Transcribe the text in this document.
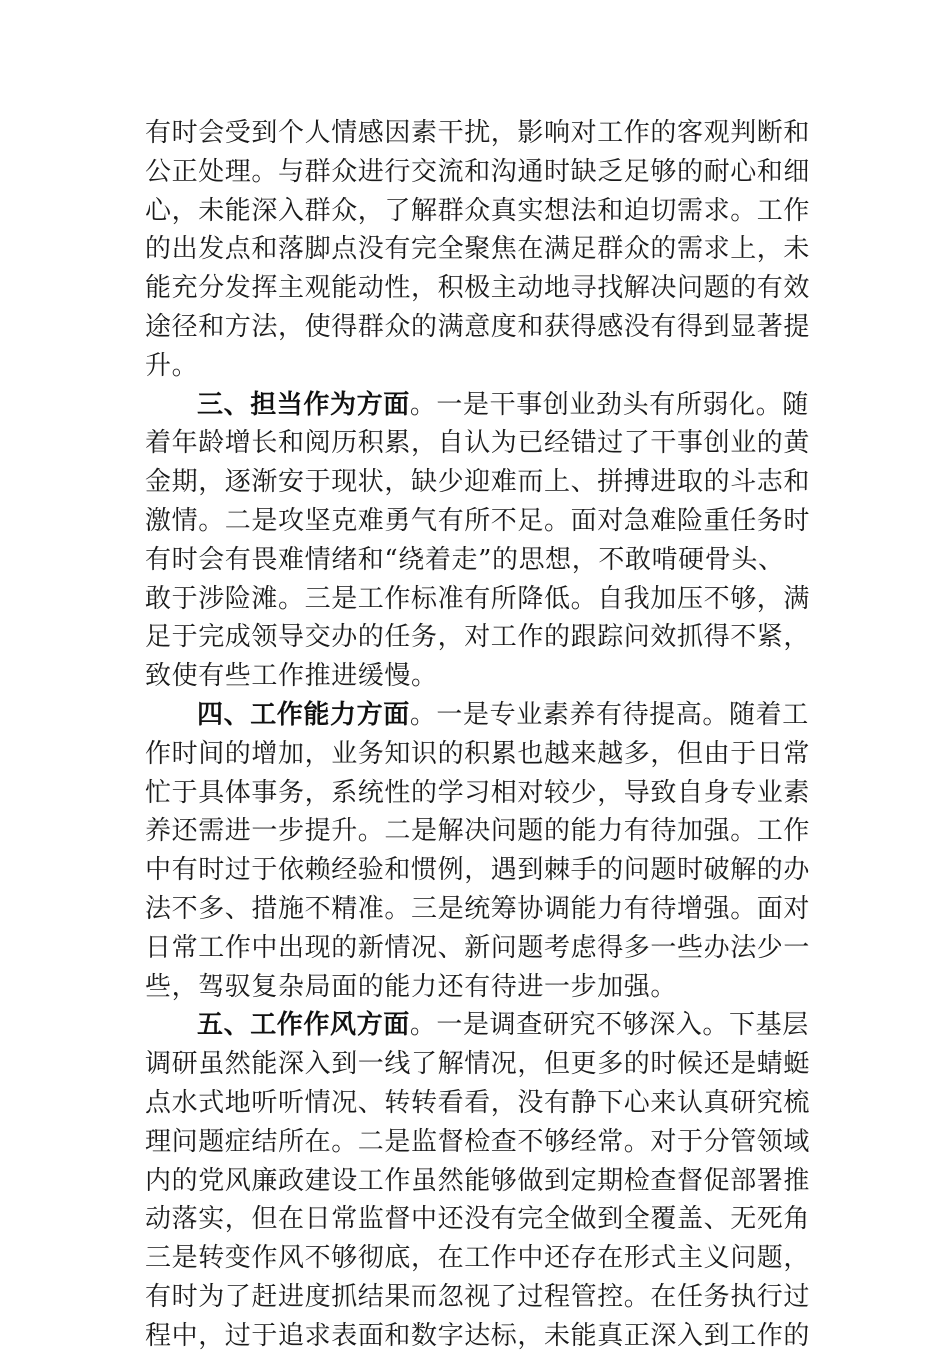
有时会受到个人情感因素干扰，影响对工作的客观判断和
公正处理。与群众进行交流和沟通时缺乏足够的耐心和细
心，未能深入群众，了解群众真实想法和迫切需求。工作
的出发点和落脚点没有完全聚焦在满足群众的需求上，未
能充分发挥主观能动性，积极主动地寻找解决问题的有效
途径和方法，使得群众的满意度和获得感没有得到显著提
升。
三、担当作为方面。一是干事创业劲头有所弱化。随
着年龄增长和阅历积累，自认为已经错过了干事创业的黄
金期，逐渐安于现状，缺少迎难而上、拼搏进取的斗志和
激情。二是攻坚克难勇气有所不足。面对急难险重任务时
有时会有畏难情绪和“绕着走”的思想，不敢啃硬骨头、
敢于涉险滩。三是工作标准有所降低。自我加压不够，满
足于完成领导交办的任务，对工作的跟踪问效抓得不紧，
致使有些工作推进缓慢。
四、工作能力方面。一是专业素养有待提高。随着工
作时间的增加，业务知识的积累也越来越多，但由于日常
忙于具体事务，系统性的学习相对较少，导致自身专业素
养还需进一步提升。二是解决问题的能力有待加强。工作
中有时过于依赖经验和惯例，遇到棘手的问题时破解的办
法不多、措施不精准。三是统筹协调能力有待增强。面对
日常工作中出现的新情况、新问题考虑得多一些办法少一
些，驾驭复杂局面的能力还有待进一步加强。
五、工作作风方面。一是调查研究不够深入。下基层
调研虽然能深入到一线了解情况，但更多的时候还是蜻蜓
点水式地听听情况、转转看看，没有静下心来认真研究梳
理问题症结所在。二是监督检查不够经常。对于分管领域
内的党风廉政建设工作虽然能够做到定期检查督促部署推
动落实，但在日常监督中还没有完全做到全覆盖、无死角
三是转变作风不够彻底，在工作中还存在形式主义问题，
有时为了赶进度抓结果而忽视了过程管控。在任务执行过
程中，过于追求表面和数字达标，未能真正深入到工作的
